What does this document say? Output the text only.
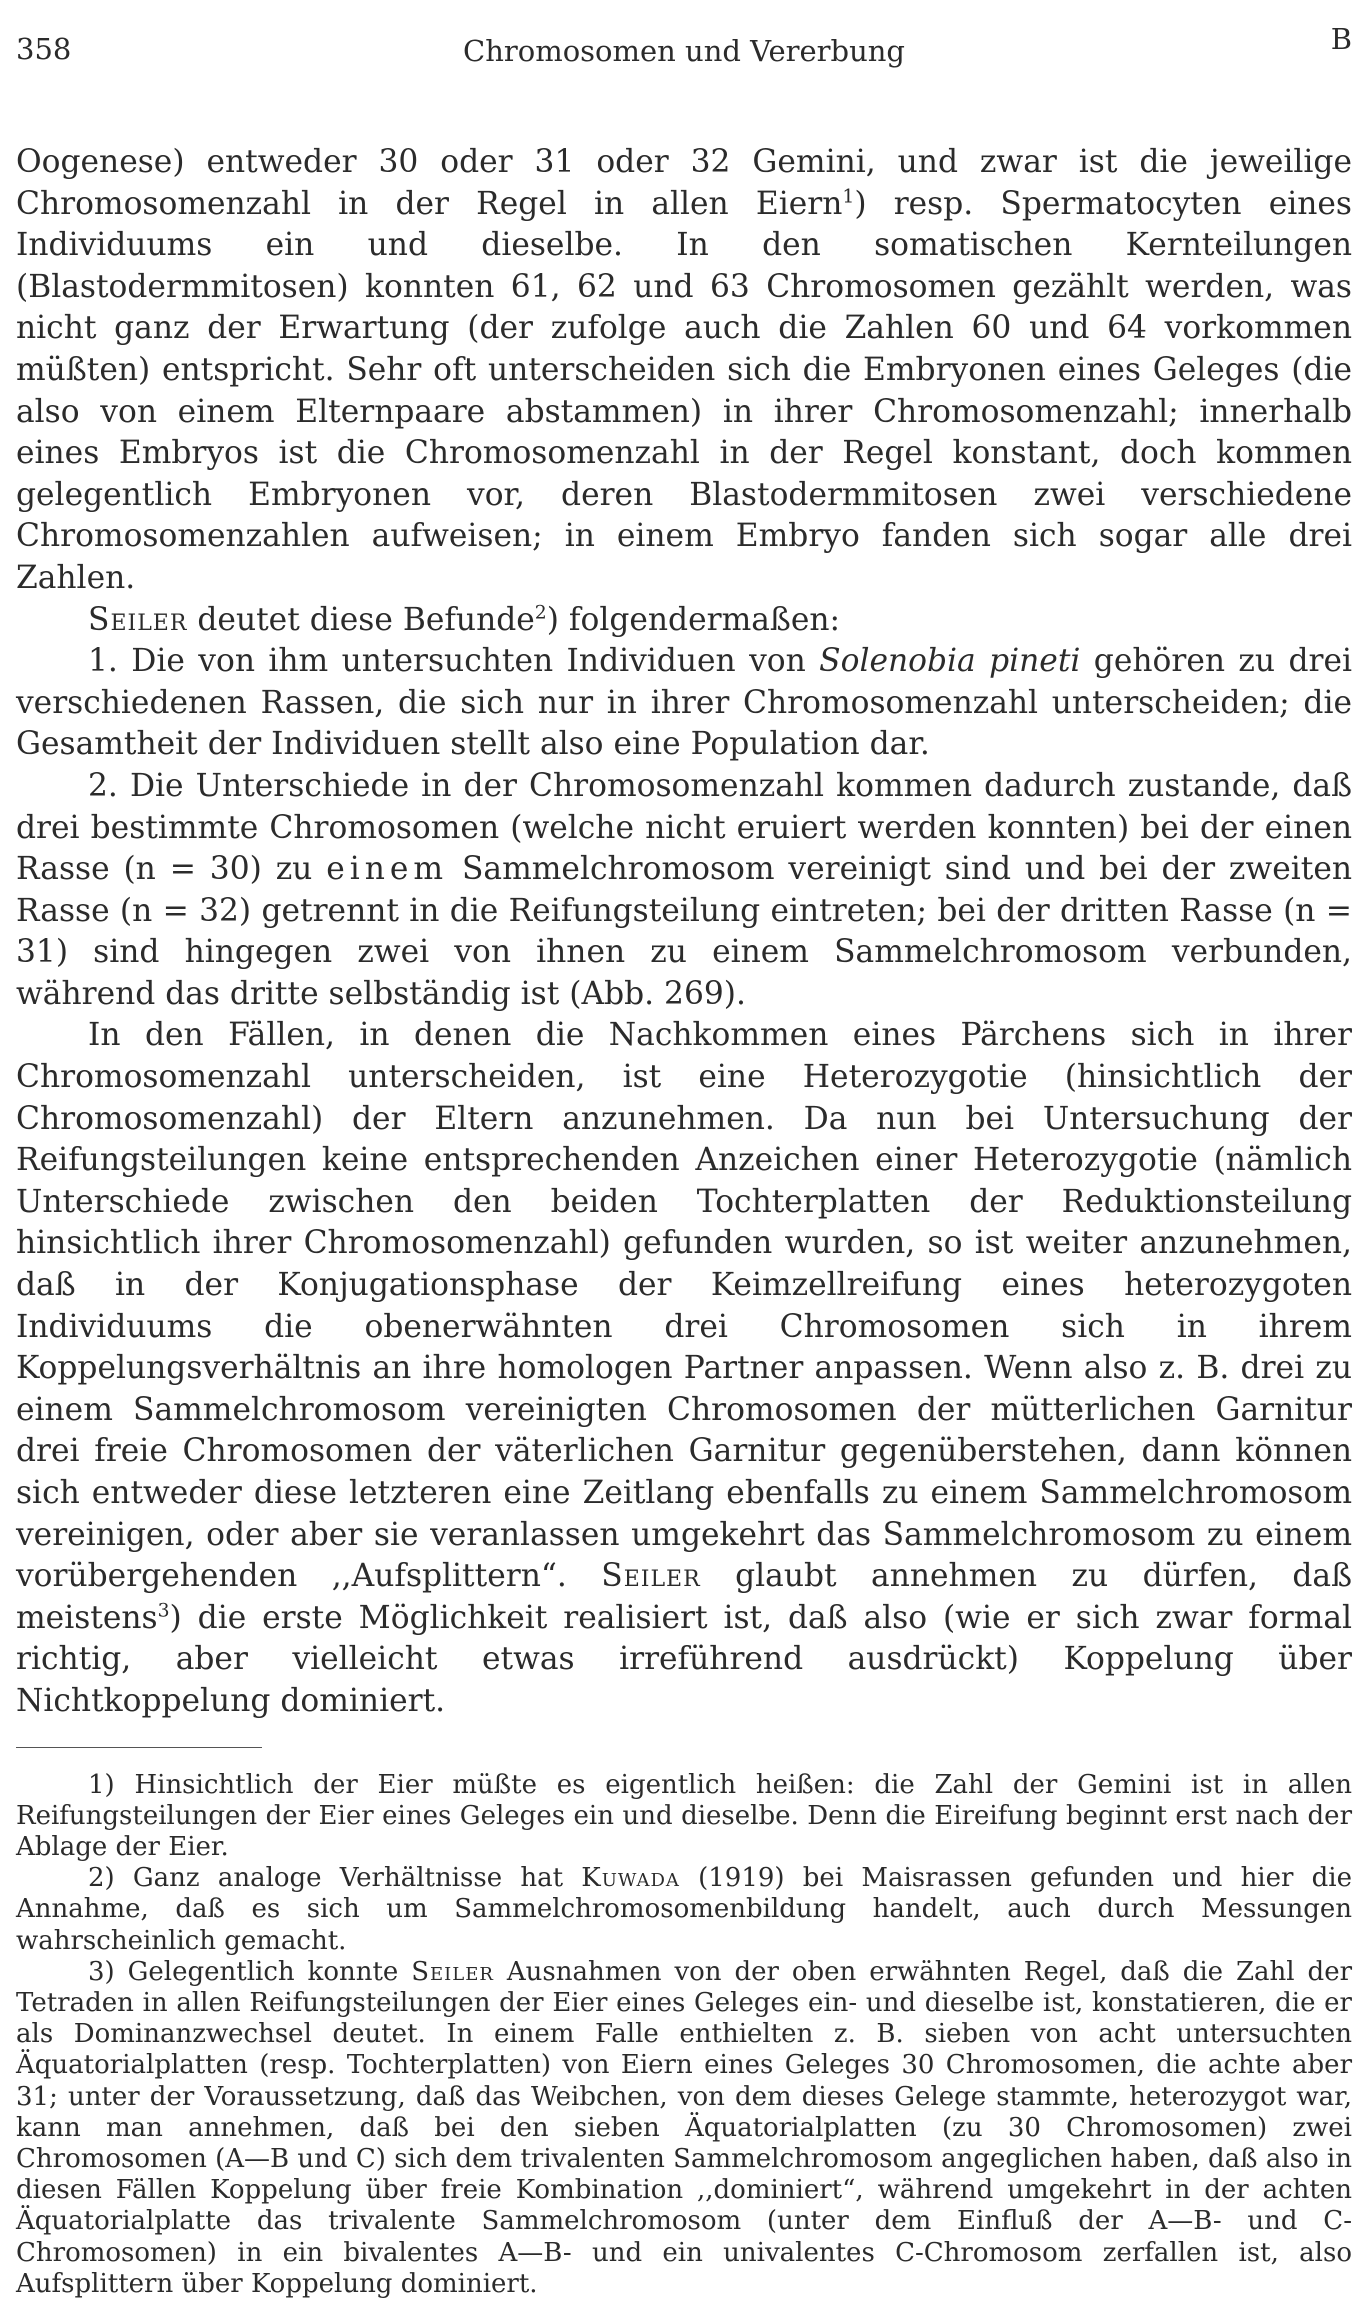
358	Chromosomen und Vererbung	B

Oogenese) entweder 30 oder 31 oder 32 Gemini, und zwar ist die jeweilige Chromosomenzahl in der Regel in allen Eiern$^1$) resp. Spermatocyten eines Individuums ein und dieselbe. In den somatischen Kernteilungen (Blastodermmitosen) konnten 61, 62 und 63 Chromosomen gezählt werden, was nicht ganz der Erwartung (der zufolge auch die Zahlen 60 und 64 vorkommen müßten) entspricht. Sehr oft unterscheiden sich die Embryonen eines Geleges (die also von einem Elternpaare abstammen) in ihrer Chromosomenzahl; innerhalb eines Embryos ist die Chromosomenzahl in der Regel konstant, doch kommen gelegentlich Embryonen vor, deren Blastodermmitosen zwei verschiedene Chromosomenzahlen aufweisen; in einem Embryo fanden sich sogar alle drei Zahlen.

Seiler deutet diese Befunde$^2$) folgendermaßen:

1. Die von ihm untersuchten Individuen von Solenobia pineti gehören zu drei verschiedenen Rassen, die sich nur in ihrer Chromosomenzahl unterscheiden; die Gesamtheit der Individuen stellt also eine Population dar.

2. Die Unterschiede in der Chromosomenzahl kommen dadurch zustande, daß drei bestimmte Chromosomen (welche nicht eruiert werden konnten) bei der einen Rasse (n = 30) zu einem Sammelchromosom vereinigt sind und bei der zweiten Rasse (n = 32) getrennt in die Reifungsteilung eintreten; bei der dritten Rasse (n = 31) sind hingegen zwei von ihnen zu einem Sammelchromosom verbunden, während das dritte selbständig ist (Abb. 269).

In den Fällen, in denen die Nachkommen eines Pärchens sich in ihrer Chromosomenzahl unterscheiden, ist eine Heterozygotie (hinsichtlich der Chromosomenzahl) der Eltern anzunehmen. Da nun bei Untersuchung der Reifungsteilungen keine entsprechenden Anzeichen einer Heterozygotie (nämlich Unterschiede zwischen den beiden Tochterplatten der Reduktionsteilung hinsichtlich ihrer Chromosomenzahl) gefunden wurden, so ist weiter anzunehmen, daß in der Konjugationsphase der Keimzellreifung eines heterozygoten Individuums die obenerwähnten drei Chromosomen sich in ihrem Koppelungsverhältnis an ihre homologen Partner anpassen. Wenn also z. B. drei zu einem Sammelchromosom vereinigten Chromosomen der mütterlichen Garnitur drei freie Chromosomen der väterlichen Garnitur gegenüberstehen, dann können sich entweder diese letzteren eine Zeitlang ebenfalls zu einem Sammelchromosom vereinigen, oder aber sie veranlassen umgekehrt das Sammelchromosom zu einem vorübergehenden ,,Aufsplittern“. Seiler glaubt annehmen zu dürfen, daß meistens$^3$) die erste Möglichkeit realisiert ist, daß also (wie er sich zwar formal richtig, aber vielleicht etwas irreführend ausdrückt) Koppelung über Nichtkoppelung dominiert.

1) Hinsichtlich der Eier müßte es eigentlich heißen: die Zahl der Gemini ist in allen Reifungsteilungen der Eier eines Geleges ein und dieselbe. Denn die Eireifung beginnt erst nach der Ablage der Eier.

2) Ganz analoge Verhältnisse hat Kuwada (1919) bei Maisrassen gefunden und hier die Annahme, daß es sich um Sammelchromosomenbildung handelt, auch durch Messungen wahrscheinlich gemacht.

3) Gelegentlich konnte Seiler Ausnahmen von der oben erwähnten Regel, daß die Zahl der Tetraden in allen Reifungsteilungen der Eier eines Geleges ein- und dieselbe ist, konstatieren, die er als Dominanzwechsel deutet. In einem Falle enthielten z. B. sieben von acht untersuchten Äquatorialplatten (resp. Tochterplatten) von Eiern eines Geleges 30 Chromosomen, die achte aber 31; unter der Voraussetzung, daß das Weibchen, von dem dieses Gelege stammte, heterozygot war, kann man annehmen, daß bei den sieben Äquatorialplatten (zu 30 Chromosomen) zwei Chromosomen (A—B und C) sich dem trivalenten Sammelchromosom angeglichen haben, daß also in diesen Fällen Koppelung über freie Kombination ,,dominiert“, während umgekehrt in der achten Äquatorialplatte das trivalente Sammelchromosom (unter dem Einfluß der A—B- und C-Chromosomen) in ein bivalentes A—B- und ein univalentes C-Chromosom zerfallen ist, also Aufsplittern über Koppelung dominiert.
